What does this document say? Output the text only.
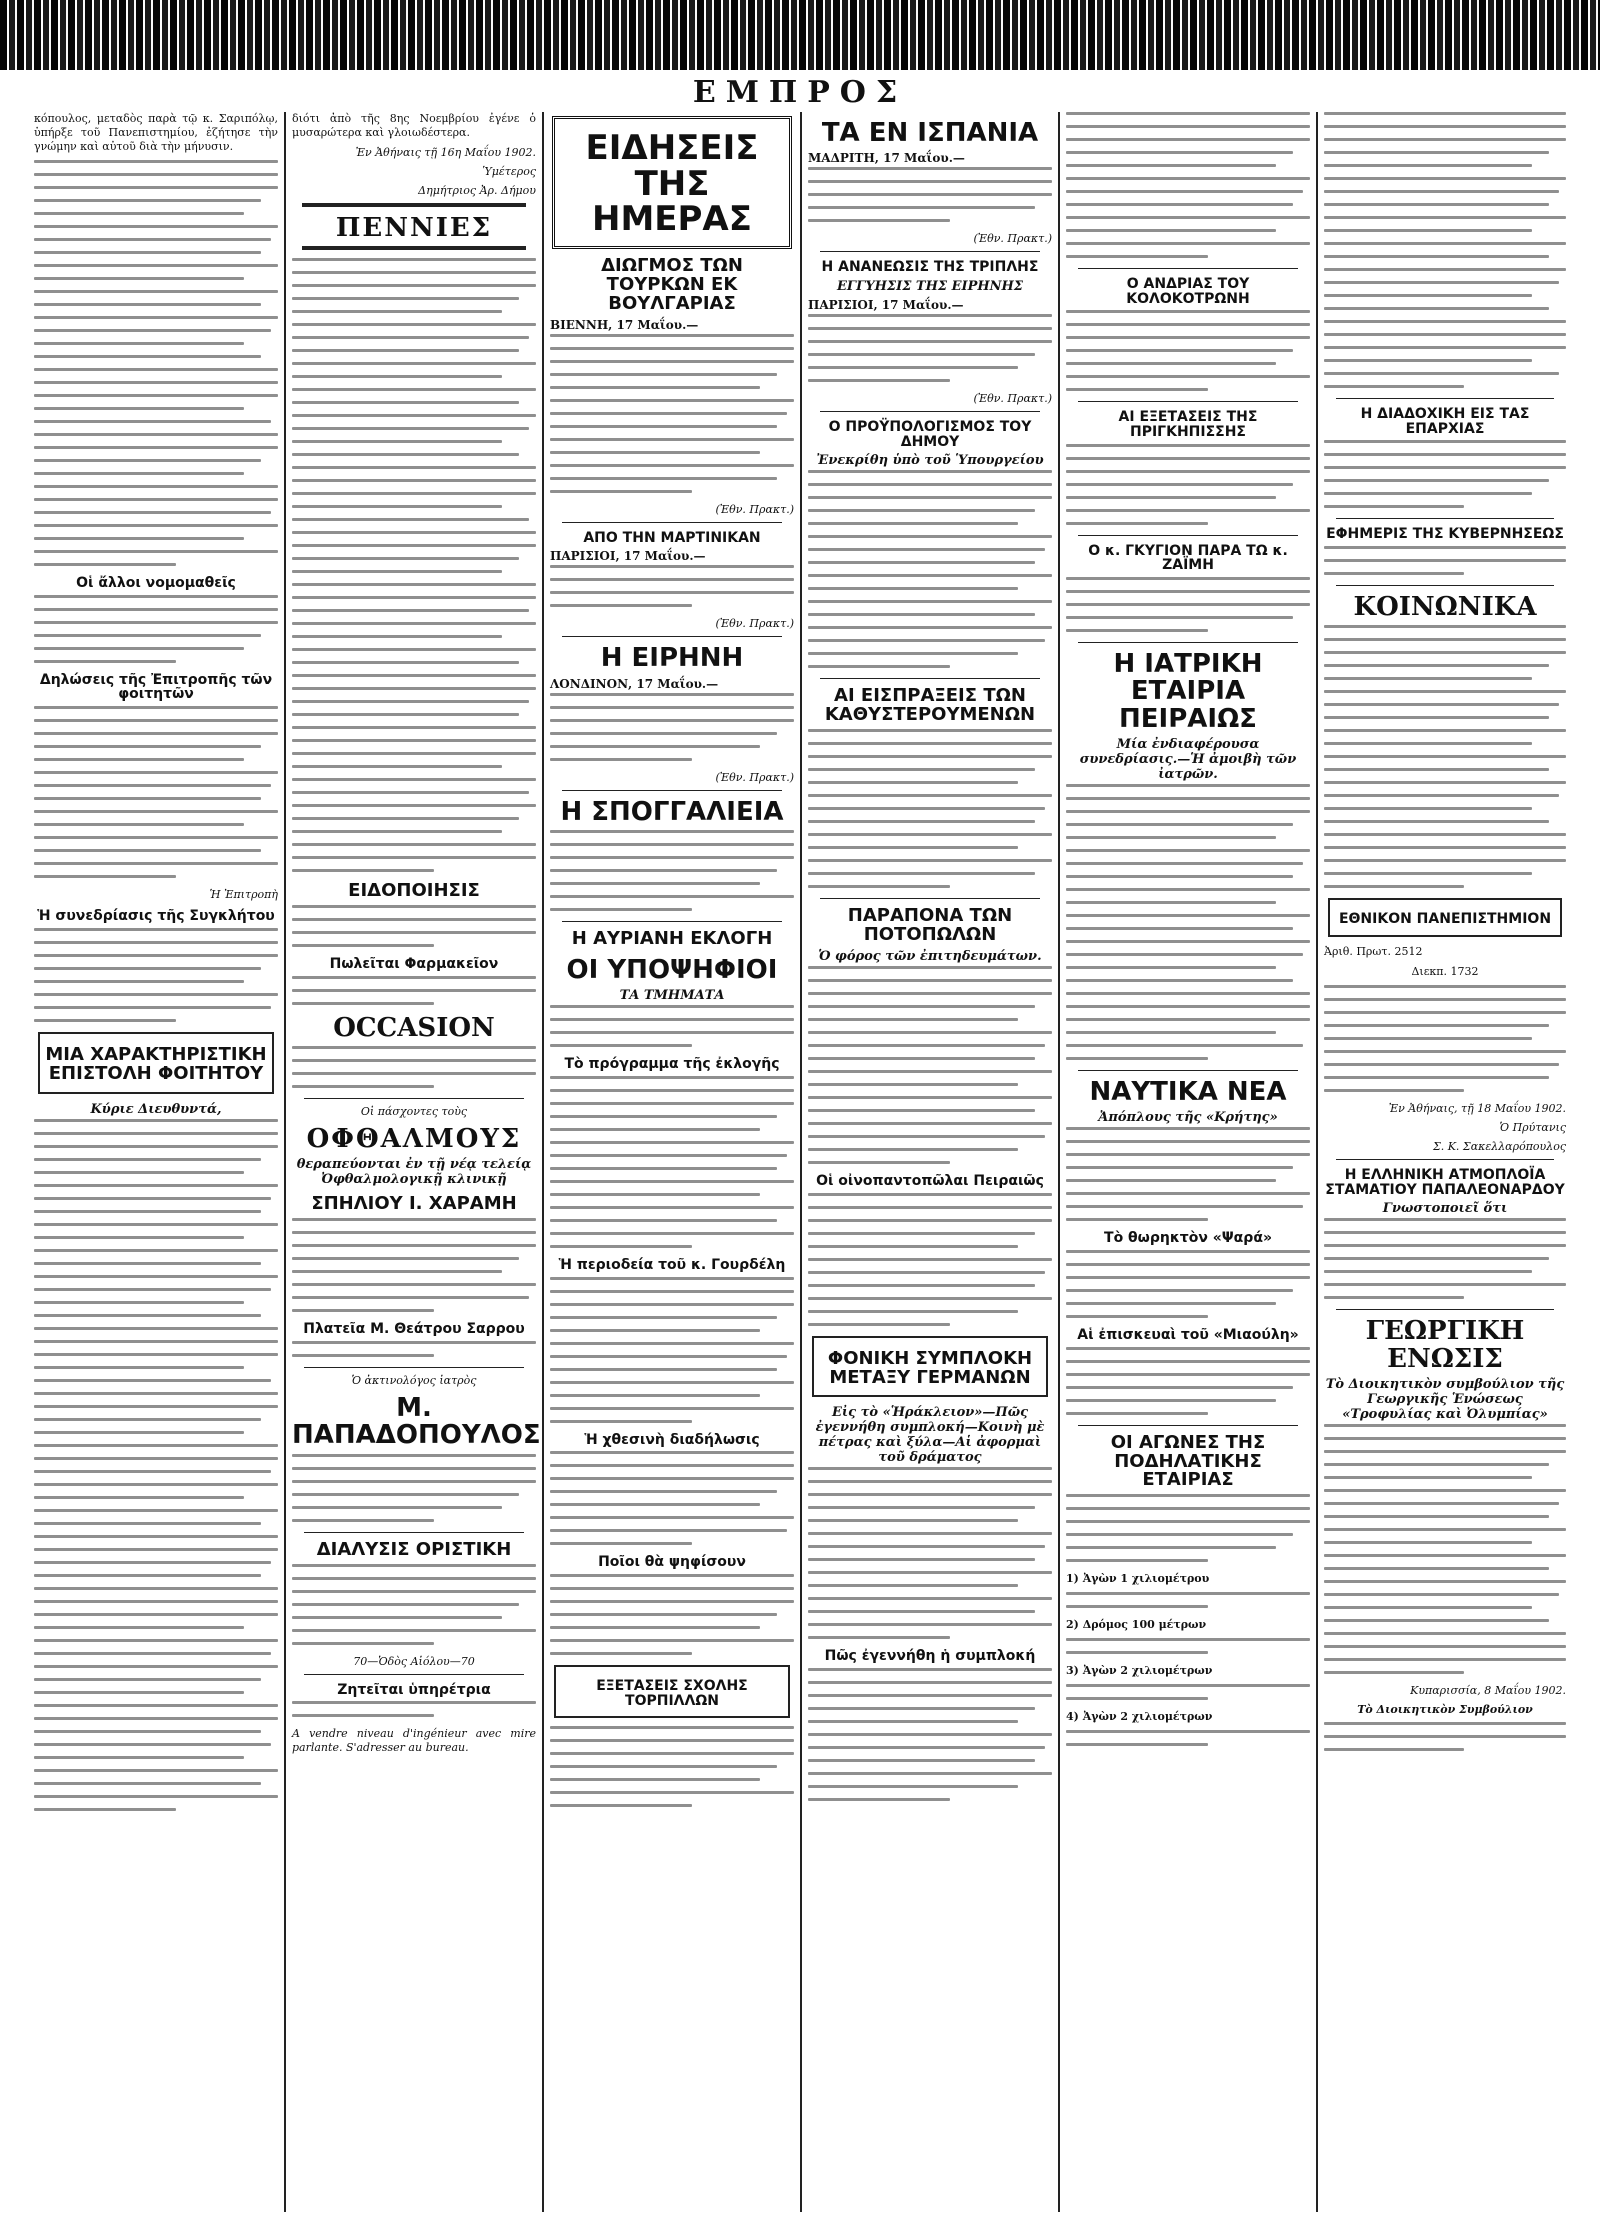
ΕΜΠΡΟΣ

κόπουλος, μεταδὸς παρὰ τῷ κ. Σαριπόλῳ, ὑπήρξε τοῦ Πανεπιστημίου, ἐζήτησε τὴν γνώμην καὶ αὐτοῦ διὰ τὴν μήνυσιν.

Οἱ ἄλλοι νομομαθεῖς
Δηλώσεις τῆς Ἐπιτροπῆς τῶν φοιτητῶν
Ἡ Ἐπιτροπὴ
Ἡ συνεδρίασις τῆς Συγκλήτου
ΜΙΑ ΧΑΡΑΚΤΗΡΙΣΤΙΚΗ ΕΠΙΣΤΟΛΗ ΦΟΙΤΗΤΟΥ
Κύριε Διευθυντά,

διότι ἀπὸ τῆς 8ης Νοεμβρίου ἐγένε ὁ μυσαρώτερα καὶ γλοιωδέστερα.

Ἐν Ἀθήναις τῇ 16η Μαΐου 1902.
Ὑμέτερος
Δημήτριος Ἀρ. Δήμου
ΠΕΝΝΙΕΣ
ΕΙΔΟΠΟΙΗΣΙΣ
Πωλεῖται Φαρμακεῖον
OCCASION
Οἱ πάσχοντες τοὺς
ΟΦΘΑΛΜΟΥΣ
θεραπεύονται ἐν τῇ νέᾳ τελείᾳ Ὀφθαλμολογικῇ κλινικῇ
ΣΠΗΛΙΟΥ Ι. ΧΑΡΑΜΗ
Πλατεῖα Μ. Θεάτρου Σαρρου
Ὁ ἀκτινολόγος ἰατρὸς
Μ. ΠΑΠΑΔΟΠΟΥΛΟΣ
ΔΙΑΛΥΣΙΣ ΟΡΙΣΤΙΚΗ
70—Ὁδὸς Αἰόλου—70
Ζητεῖται ὑπηρέτρια
A vendre niveau d'ingénieur avec mire parlante. S'adresser au bureau.
ΕΙΔΗΣΕΙΣ ΤΗΣ ΗΜΕΡΑΣ
ΔΙΩΓΜΟΣ ΤΩΝ ΤΟΥΡΚΩΝ ΕΚ ΒΟΥΛΓΑΡΙΑΣ
ΒΙΕΝΝΗ, 17 Μαΐου.—
(Ἐθν. Πρακτ.)
ΑΠΟ ΤΗΝ ΜΑΡΤΙΝΙΚΑΝ
ΠΑΡΙΣΙΟΙ, 17 Μαΐου.—
(Ἐθν. Πρακτ.)
Η ΕΙΡΗΝΗ
ΛΟΝΔΙΝΟΝ, 17 Μαΐου.—
(Ἐθν. Πρακτ.)
Η ΣΠΟΓΓΑΛΙΕΙΑ
Η ΑΥΡΙΑΝΗ ΕΚΛΟΓΗ
ΟΙ ΥΠΟΨΗΦΙΟΙ
ΤΑ ΤΜΗΜΑΤΑ
Τὸ πρόγραμμα τῆς ἐκλογῆς
Ἡ περιοδεία τοῦ κ. Γουρδέλη
Ἡ χθεσινὴ διαδήλωσις
Ποῖοι θὰ ψηφίσουν
ΕΞΕΤΑΣΕΙΣ ΣΧΟΛΗΣ ΤΟΡΠΙΛΛΩΝ
ΤΑ ΕΝ ΙΣΠΑΝΙΑ
ΜΑΔΡΙΤΗ, 17 Μαΐου.—
(Ἐθν. Πρακτ.)
Η ΑΝΑΝΕΩΣΙΣ ΤΗΣ ΤΡΙΠΛΗΣ
ΕΓΓΥΗΣΙΣ ΤΗΣ ΕΙΡΗΝΗΣ
ΠΑΡΙΣΙΟΙ, 17 Μαΐου.—
(Ἐθν. Πρακτ.)
Ο ΠΡΟΫΠΟΛΟΓΙΣΜΟΣ ΤΟΥ ΔΗΜΟΥ
Ἐνεκρίθη ὑπὸ τοῦ Ὑπουργείου
ΑΙ ΕΙΣΠΡΑΞΕΙΣ ΤΩΝ ΚΑΘΥΣΤΕΡΟΥΜΕΝΩΝ
ΠΑΡΑΠΟΝΑ ΤΩΝ ΠΟΤΟΠΩΛΩΝ
Ὁ φόρος τῶν ἐπιτηδευμάτων.
Οἱ οἰνοπαντοπῶλαι Πειραιῶς
ΦΟΝΙΚΗ ΣΥΜΠΛΟΚΗ ΜΕΤΑΞΥ ΓΕΡΜΑΝΩΝ
Εἰς τὸ «Ἡράκλειον»—Πῶς ἐγεννήθη συμπλοκή—Κοινὴ μὲ πέτρας καὶ ξύλα—Αἱ ἀφορμαὶ τοῦ δράματος
Πῶς ἐγεννήθη ἡ συμπλοκή
Ο ΑΝΔΡΙΑΣ ΤΟΥ ΚΟΛΟΚΟΤΡΩΝΗ
ΑΙ ΕΞΕΤΑΣΕΙΣ ΤΗΣ ΠΡΙΓΚΗΠΙΣΣΗΣ
Ο κ. ΓΚΥΓΙΟΝ ΠΑΡΑ ΤΩ κ. ΖΑΪΜΗ
Η ΙΑΤΡΙΚΗ ΕΤΑΙΡΙΑ ΠΕΙΡΑΙΩΣ
Μία ἐνδιαφέρουσα συνεδρίασις.—Ἡ ἀμοιβὴ τῶν ἰατρῶν.
ΝΑΥΤΙΚΑ ΝΕΑ
Ἀπόπλους τῆς «Κρήτης»
Τὸ θωρηκτὸν «Ψαρά»
Αἱ ἐπισκευαὶ τοῦ «Μιαούλη»
ΟΙ ΑΓΩΝΕΣ ΤΗΣ ΠΟΔΗΛΑΤΙΚΗΣ ΕΤΑΙΡΙΑΣ
1) Ἀγὼν 1 χιλιομέτρου
2) Δρόμος 100 μέτρων
3) Ἀγὼν 2 χιλιομέτρων
4) Ἀγὼν 2 χιλιομέτρων
Η ΔΙΑΔΟΧΙΚΗ ΕΙΣ ΤΑΣ ΕΠΑΡΧΙΑΣ
ΕΦΗΜΕΡΙΣ ΤΗΣ ΚΥΒΕΡΝΗΣΕΩΣ
ΚΟΙΝΩΝΙΚΑ
ΕΘΝΙΚΟΝ ΠΑΝΕΠΙΣΤΗΜΙΟΝ
Ἀριθ. Πρωτ. 2512
Διεκπ. 1732
Ἐν Ἀθήναις, τῇ 18 Μαΐου 1902.
Ὁ Πρύτανις
Σ. Κ. Σακελλαρόπουλος
Η ΕΛΛΗΝΙΚΗ ΑΤΜΟΠΛΟΪΑ ΣΤΑΜΑΤΙΟΥ ΠΑΠΑΛΕΟΝΑΡΔΟΥ
Γνωστοποιεῖ ὅτι
ΓΕΩΡΓΙΚΗ ΕΝΩΣΙΣ
Τὸ Διοικητικὸν συμβούλιον τῆς Γεωργικῆς Ἑνώσεως «Τροφυλίας καὶ Ὀλυμπίας»
Κυπαρισσία, 8 Μαΐου 1902.
Τὸ Διοικητικὸν Συμβούλιον
